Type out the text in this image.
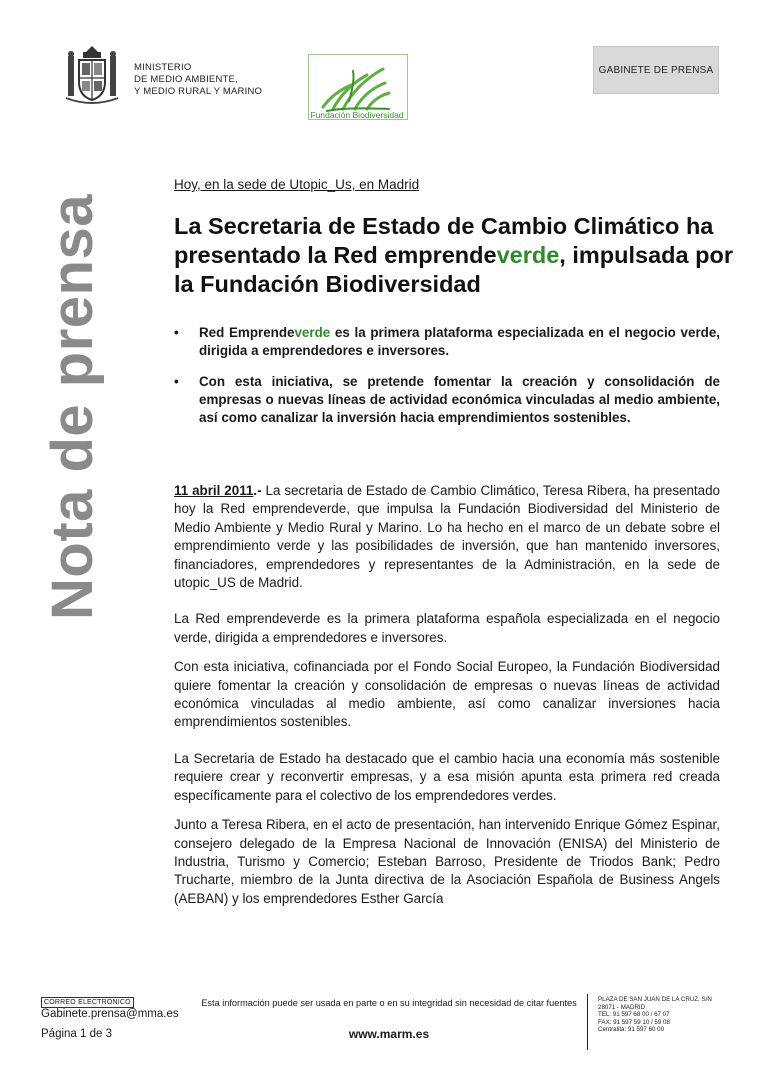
MINISTERIO
DE MEDIO AMBIENTE,
Y MEDIO RURAL Y MARINO
Fundación Biodiversidad
GABINETE DE PRENSA
Nota de prensa
Hoy, en la sede de Utopic_Us, en Madrid
La Secretaria de Estado de Cambio Climático ha presentado la Red emprendeverde, impulsada por la Fundación Biodiversidad
• Red Emprendeverde es la primera plataforma especializada en el negocio verde, dirigida a emprendedores e inversores.
• Con esta iniciativa, se pretende fomentar la creación y consolidación de empresas o nuevas líneas de actividad económica vinculadas al medio ambiente, así como canalizar la inversión hacia emprendimientos sostenibles.

11 abril 2011.- La secretaria de Estado de Cambio Climático, Teresa Ribera, ha presentado hoy la Red emprendeverde, que impulsa la Fundación Biodiversidad del Ministerio de Medio Ambiente y Medio Rural y Marino. Lo ha hecho en el marco de un debate sobre el emprendimiento verde y las posibilidades de inversión, que han mantenido inversores, financiadores, emprendedores y representantes de la Administración, en la sede de utopic_US de Madrid.

La Red emprendeverde es la primera plataforma española especializada en el negocio verde, dirigida a emprendedores e inversores.

Con esta iniciativa, cofinanciada por el Fondo Social Europeo, la Fundación Biodiversidad quiere fomentar la creación y consolidación de empresas o nuevas líneas de actividad económica vinculadas al medio ambiente, así como canalizar inversiones hacia emprendimientos sostenibles.

La Secretaria de Estado ha destacado que el cambio hacia una economía más sostenible requiere crear y reconvertir empresas, y a esa misión apunta esta primera red creada específicamente para el colectivo de los emprendedores verdes.

Junto a Teresa Ribera, en el acto de presentación, han intervenido Enrique Gómez Espinar, consejero delegado de la Empresa Nacional de Innovación (ENISA) del Ministerio de Industria, Turismo y Comercio; Esteban Barroso, Presidente de Triodos Bank; Pedro Trucharte, miembro de la Junta directiva de la Asociación Española de Business Angels (AEBAN) y los emprendedores Esther García

CORREO ELECTRÓNICO
Gabinete.prensa@mma.es
Página 1 de 3
Esta información puede ser usada en parte o en su integridad sin necesidad de citar fuentes
www.marm.es
PLAZA DE SAN JUAN DE LA CRUZ, S/N
28071 - MADRID
TEL: 91 597 68 00 / 67 07
FAX: 91 597 59 10 / 59 08
Centralita: 91 597 60 00
